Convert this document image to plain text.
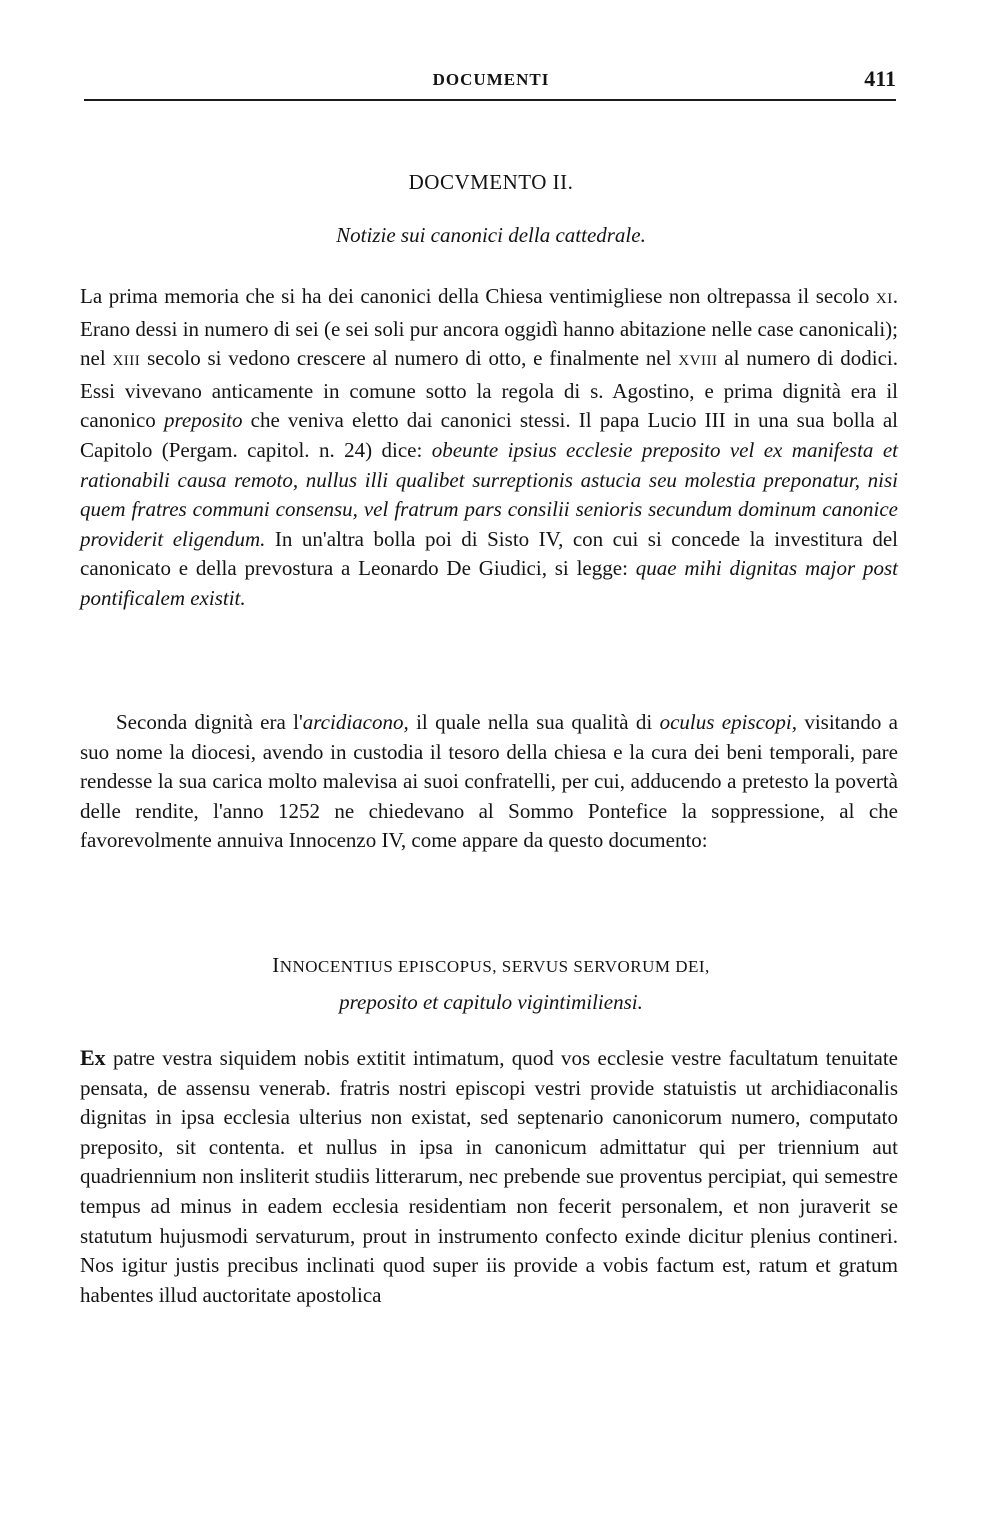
DOCUMENTI	411
DOCVMENTO II.
Notizie sui canonici della cattedrale.

La prima memoria che si ha dei canonici della Chiesa ventimigliese non oltrepassa il secolo XI. Erano dessi in numero di sei (e sei soli pur ancora oggidì hanno abitazione nelle case canonicali); nel XIII secolo si vedono crescere al numero di otto, e finalmente nel XVIII al numero di dodici. Essi vivevano anticamente in comune sotto la regola di s. Agostino, e prima dignità era il canonico preposito che veniva eletto dai canonici stessi. Il papa Lucio III in una sua bolla al Capitolo (Pergam. capitol. n. 24) dice: obeunte ipsius ecclesie preposito vel ex manifesta et rationabili causa remoto, nullus illi qualibet surreptionis astucia seu molestia preponatur, nisi quem fratres communi consensu, vel fratrum pars consilii senioris secundum dominum canonice providerit eligendum. In un'altra bolla poi di Sisto IV, con cui si concede la investitura del canonicato e della prevostura a Leonardo De Giudici, si legge: quae mihi dignitas major post pontificalem existit.

Seconda dignità era l'arcidiacono, il quale nella sua qualità di oculus episcopi, visitando a suo nome la diocesi, avendo in custodia il tesoro della chiesa e la cura dei beni temporali, pare rendesse la sua carica molto malevisa ai suoi confratelli, per cui, adducendo a pretesto la povertà delle rendite, l'anno 1252 ne chiedevano al Sommo Pontefice la soppressione, al che favorevolmente annuiva Innocenzo IV, come appare da questo documento:

INNOCENTIUS EPISCOPUS, SERVUS SERVORUM DEI,
preposito et capitulo vigintimiliensi.

Ex patre vestra siquidem nobis extitit intimatum, quod vos ecclesie vestre facultatum tenuitate pensata, de assensu venerab. fratris nostri episcopi vestri provide statuistis ut archidiaconalis dignitas in ipsa ecclesia ulterius non existat, sed septenario canonicorum numero, computato preposito, sit contenta. et nullus in ipsa in canonicum admittatur qui per triennium aut quadriennium non insliterit studiis litterarum, nec prebende sue proventus percipiat, qui semestre tempus ad minus in eadem ecclesia residentiam non fecerit personalem, et non juraverit se statutum hujusmodi servaturum, prout in instrumento confecto exinde dicitur plenius contineri. Nos igitur justis precibus inclinati quod super iis provide a vobis factum est, ratum et gratum habentes illud auctoritate apostolica
